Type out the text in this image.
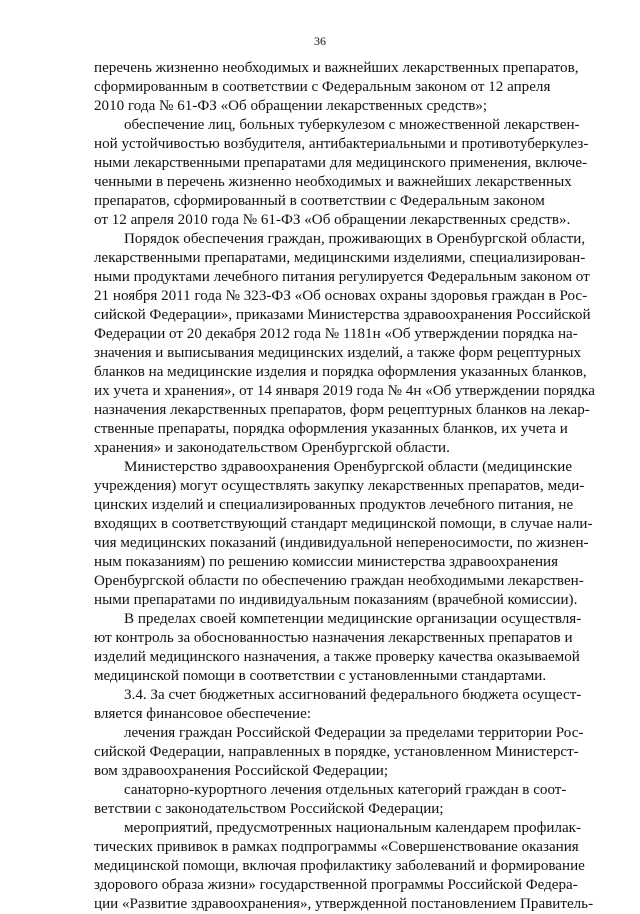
36
перечень жизненно необходимых и важнейших лекарственных препаратов,
сформированным в соответствии с Федеральным законом от 12 апреля
2010 года № 61-ФЗ «Об обращении лекарственных средств»;
обеспечение лиц, больных туберкулезом с множественной лекарствен-
ной устойчивостью возбудителя, антибактериальными и противотуберкулез-
ными лекарственными препаратами для медицинского применения, включе-
ченными в перечень жизненно необходимых и важнейших лекарственных
препаратов, сформированный в соответствии с Федеральным законом
от 12 апреля 2010 года № 61-ФЗ «Об обращении лекарственных средств».
Порядок обеспечения граждан, проживающих в Оренбургской области,
лекарственными препаратами, медицинскими изделиями, специализирован-
ными продуктами лечебного питания регулируется Федеральным законом от
21 ноября 2011 года № 323-ФЗ «Об основах охраны здоровья граждан в Рос-
сийской Федерации», приказами Министерства здравоохранения Российской
Федерации от 20 декабря 2012 года № 1181н «Об утверждении порядка на-
значения и выписывания медицинских изделий, а также форм рецептурных
бланков на медицинские изделия и порядка оформления указанных бланков,
их учета и хранения», от 14 января 2019 года № 4н «Об утверждении порядка
назначения лекарственных препаратов, форм рецептурных бланков на лекар-
ственные препараты, порядка оформления указанных бланков, их учета и
хранения» и законодательством Оренбургской области.
Министерство здравоохранения Оренбургской области (медицинские
учреждения) могут осуществлять закупку лекарственных препаратов, меди-
цинских изделий и специализированных продуктов лечебного питания, не
входящих в соответствующий стандарт медицинской помощи, в случае нали-
чия медицинских показаний (индивидуальной непереносимости, по жизнен-
ным показаниям) по решению комиссии министерства здравоохранения
Оренбургской области по обеспечению граждан необходимыми лекарствен-
ными препаратами по индивидуальным показаниям (врачебной комиссии).
В пределах своей компетенции медицинские организации осуществля-
ют контроль за обоснованностью назначения лекарственных препаратов и
изделий медицинского назначения, а также проверку качества оказываемой
медицинской помощи в соответствии с установленными стандартами.
3.4. За счет бюджетных ассигнований федерального бюджета осущест-
вляется финансовое обеспечение:
лечения граждан Российской Федерации за пределами территории Рос-
сийской Федерации, направленных в порядке, установленном Министерст-
вом здравоохранения Российской Федерации;
санаторно-курортного лечения отдельных категорий граждан в соот-
ветствии с законодательством Российской Федерации;
мероприятий, предусмотренных национальным календарем профилак-
тических прививок в рамках подпрограммы «Совершенствование оказания
медицинской помощи, включая профилактику заболеваний и формирование
здорового образа жизни» государственной программы Российской Федера-
ции «Развитие здравоохранения», утвержденной постановлением Правитель-
